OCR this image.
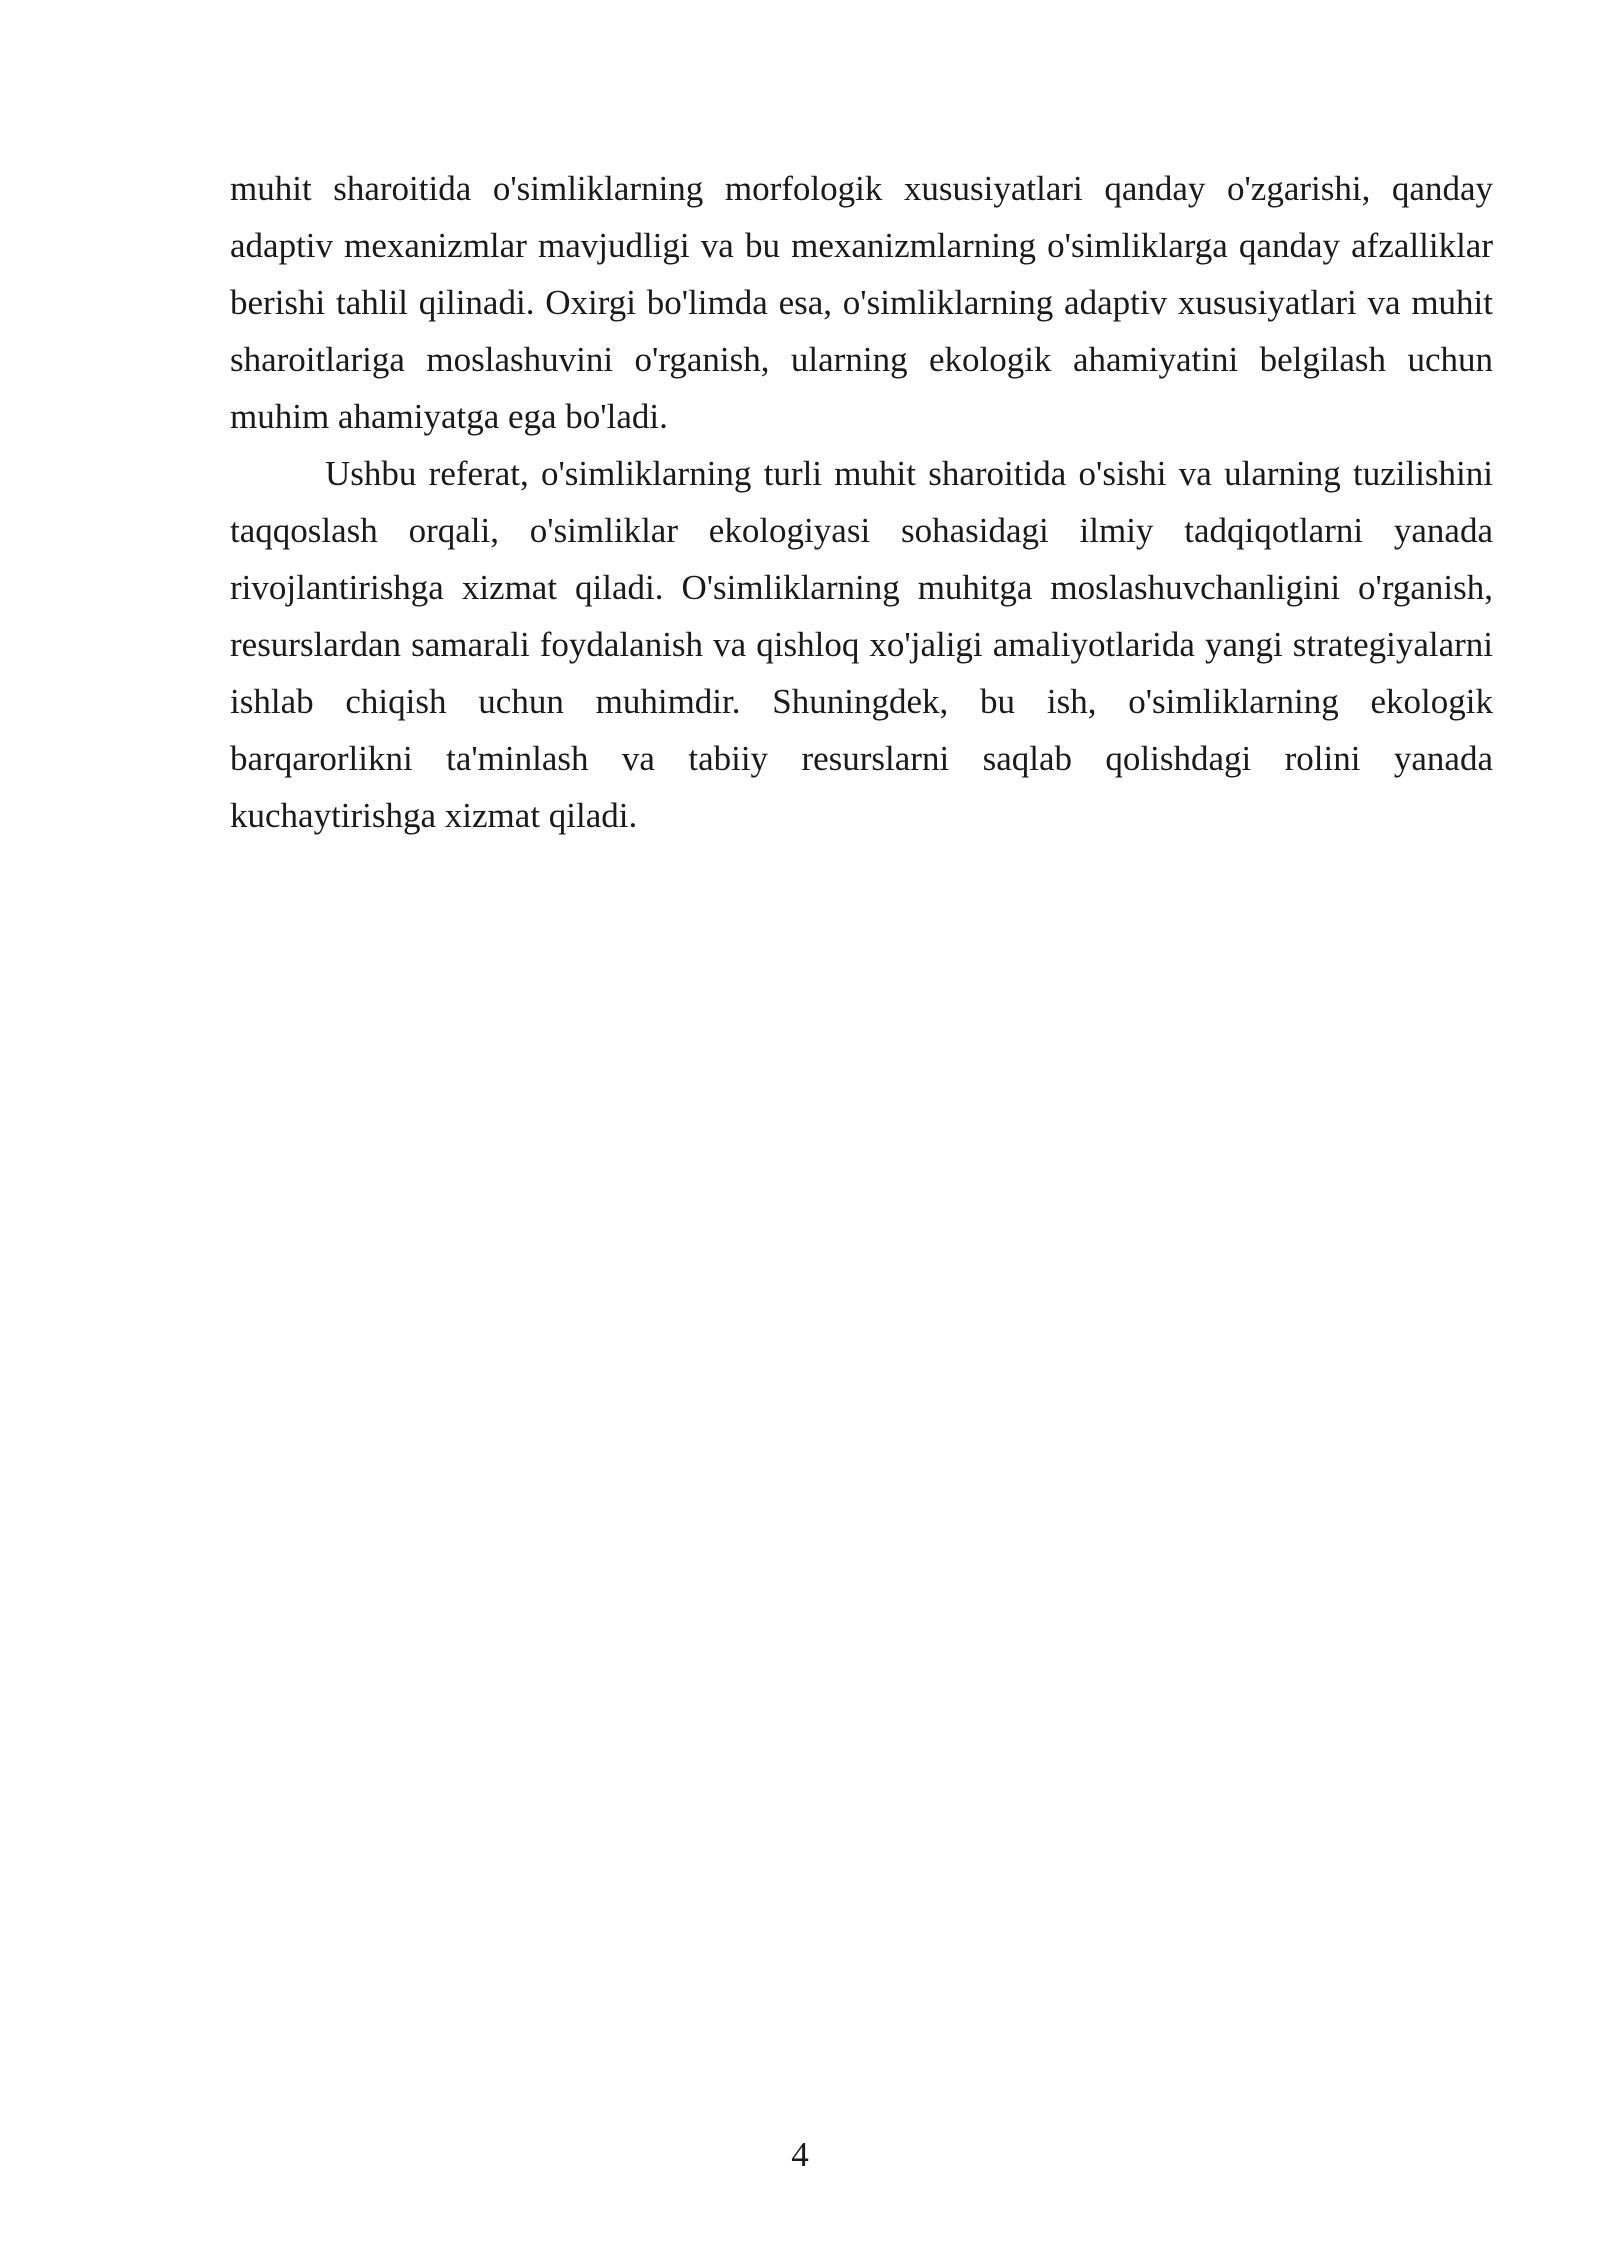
muhit sharoitida o'simliklarning morfologik xususiyatlari qanday o'zgarishi, qanday adaptiv mexanizmlar mavjudligi va bu mexanizmlarning o'simliklarga qanday afzalliklar berishi tahlil qilinadi. Oxirgi bo'limda esa, o'simliklarning adaptiv xususiyatlari va muhit sharoitlariga moslashuvini o'rganish, ularning ekologik ahamiyatini belgilash uchun muhim ahamiyatga ega bo'ladi.

Ushbu referat, o'simliklarning turli muhit sharoitida o'sishi va ularning tuzilishini taqqoslash orqali, o'simliklar ekologiyasi sohasidagi ilmiy tadqiqotlarni yanada rivojlantirishga xizmat qiladi. O'simliklarning muhitga moslashuvchanligini o'rganish, resurslardan samarali foydalanish va qishloq xo'jaligi amaliyotlarida yangi strategiyalarni ishlab chiqish uchun muhimdir. Shuningdek, bu ish, o'simliklarning ekologik barqarorlikni ta'minlash va tabiiy resurslarni saqlab qolishdagi rolini yanada kuchaytirishga xizmat qiladi.

4
